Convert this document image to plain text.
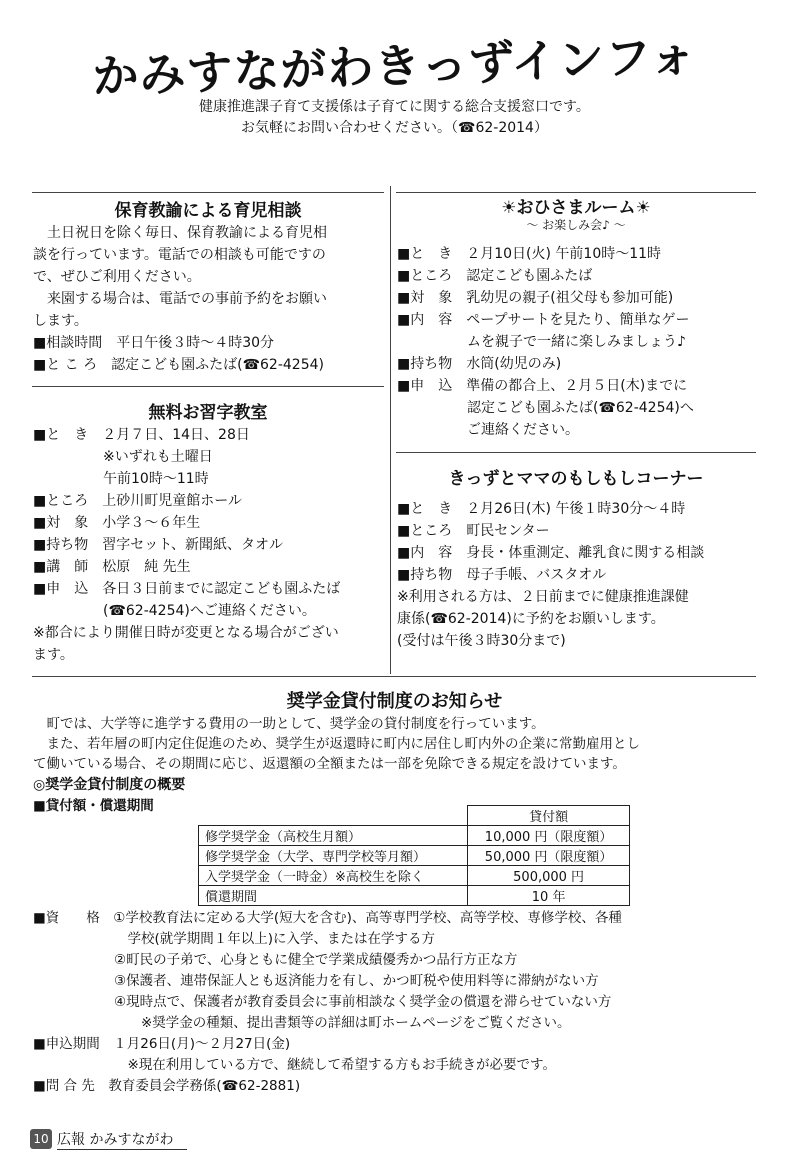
かみすながわきっずインフォ
健康推進課子育て支援係は子育てに関する総合支援窓口です。
お気軽にお問い合わせください。（☎62-2014）
保育教諭による育児相談
　土日祝日を除く毎日、保育教諭による育児相
談を行っています。電話での相談も可能ですの
で、ぜひご利用ください。
　来園する場合は、電話での事前予約をお願い
します。
■相談時間　平日午後３時～４時30分
■と こ ろ　認定こども園ふたば(☎62-4254)
無料お習字教室
■と　き　２月７日、14日、28日
　　　　　※いずれも土曜日
　　　　　午前10時～11時
■ところ　上砂川町児童館ホール
■対　象　小学３～６年生
■持ち物　習字セット、新聞紙、タオル
■講　師　松原　純 先生
■申　込　各日３日前までに認定こども園ふたば
　　　　　(☎62-4254)へご連絡ください。
※都合により開催日時が変更となる場合がござい
ます。
☀おひさまルーム☀
～ お楽しみ会♪ ～
■と　き　２月10日(火) 午前10時～11時
■ところ　認定こども園ふたば
■対　象　乳幼児の親子(祖父母も参加可能)
■内　容　ペープサートを見たり、簡単なゲー
　　　　　ムを親子で一緒に楽しみましょう♪
■持ち物　水筒(幼児のみ)
■申　込　準備の都合上、２月５日(木)までに
　　　　　認定こども園ふたば(☎62-4254)へ
　　　　　ご連絡ください。
きっずとママのもしもしコーナー
■と　き　２月26日(木) 午後１時30分～４時
■ところ　町民センター
■内　容　身長・体重測定、離乳食に関する相談
■持ち物　母子手帳、バスタオル
※利用される方は、２日前までに健康推進課健
康係(☎62-2014)に予約をお願いします。
(受付は午後３時30分まで)
奨学金貸付制度のお知らせ
　町では、大学等に進学する費用の一助として、奨学金の貸付制度を行っています。
　また、若年層の町内定住促進のため、奨学生が返還時に町内に居住し町内外の企業に常勤雇用とし
て働いている場合、その期間に応じ、返還額の全額または一部を免除できる規定を設けています。
◎奨学金貸付制度の概要
■貸付額・償還期間
	貸付額
修学奨学金（高校生月額）	10,000 円（限度額）
修学奨学金（大学、専門学校等月額）	50,000 円（限度額）
入学奨学金（一時金）※高校生を除く	500,000 円
償還期間	10 年
■資　　格　①学校教育法に定める大学(短大を含む)、高等専門学校、高等学校、専修学校、各種
　　　　　　　学校(就学期間１年以上)に入学、または在学する方
　　　　　　②町民の子弟で、心身ともに健全で学業成績優秀かつ品行方正な方
　　　　　　③保護者、連帯保証人とも返済能力を有し、かつ町税や使用料等に滞納がない方
　　　　　　④現時点で、保護者が教育委員会に事前相談なく奨学金の償還を滞らせていない方
　　　　　　　　※奨学金の種類、提出書類等の詳細は町ホームページをご覧ください。
■申込期間　１月26日(月)～２月27日(金)
　　　　　　　※現在利用している方で、継続して希望する方もお手続きが必要です。
■問 合 先　教育委員会学務係(☎62-2881)
10 広報 かみすながわ
